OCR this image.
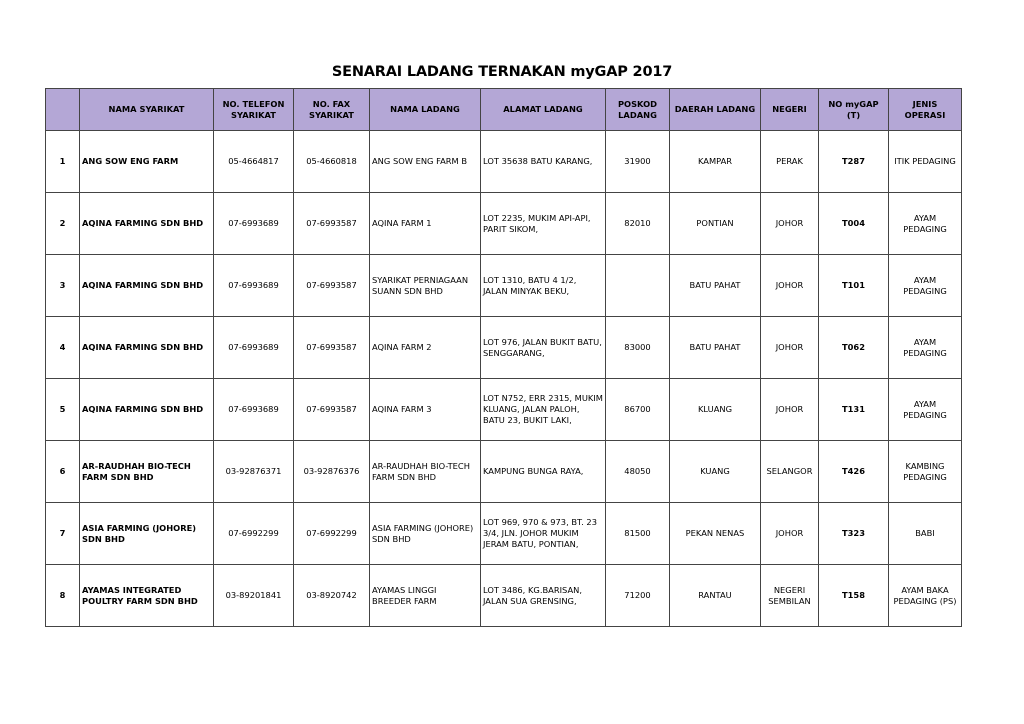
SENARAI LADANG TERNAKAN myGAP 2017
	NAMA SYARIKAT	NO. TELEFON SYARIKAT	NO. FAX SYARIKAT	NAMA LADANG	ALAMAT LADANG	POSKOD LADANG	DAERAH LADANG	NEGERI	NO myGAP (T)	JENIS OPERASI
1	ANG SOW ENG FARM	05-4664817	05-4660818	ANG SOW ENG FARM B	LOT 35638 BATU KARANG,	31900	KAMPAR	PERAK	T287	ITIK PEDAGING
2	AQINA FARMING SDN BHD	07-6993689	07-6993587	AQINA FARM 1	LOT 2235, MUKIM API-API, PARIT SIKOM,	82010	PONTIAN	JOHOR	T004	AYAM PEDAGING
3	AQINA FARMING SDN BHD	07-6993689	07-6993587	SYARIKAT PERNIAGAAN SUANN SDN BHD	LOT 1310, BATU 4 1/2, JALAN MINYAK BEKU,		BATU PAHAT	JOHOR	T101	AYAM PEDAGING
4	AQINA FARMING SDN BHD	07-6993689	07-6993587	AQINA FARM 2	LOT 976, JALAN BUKIT BATU, SENGGARANG,	83000	BATU PAHAT	JOHOR	T062	AYAM PEDAGING
5	AQINA FARMING SDN BHD	07-6993689	07-6993587	AQINA FARM 3	LOT N752, ERR 2315, MUKIM KLUANG, JALAN PALOH, BATU 23, BUKIT LAKI,	86700	KLUANG	JOHOR	T131	AYAM PEDAGING
6	AR-RAUDHAH BIO-TECH FARM SDN BHD	03-92876371	03-92876376	AR-RAUDHAH BIO-TECH FARM SDN BHD	KAMPUNG BUNGA RAYA,	48050	KUANG	SELANGOR	T426	KAMBING PEDAGING
7	ASIA FARMING (JOHORE) SDN BHD	07-6992299	07-6992299	ASIA FARMING (JOHORE) SDN BHD	LOT 969, 970 & 973, BT. 23 3/4, JLN. JOHOR MUKIM JERAM BATU, PONTIAN,	81500	PEKAN NENAS	JOHOR	T323	BABI
8	AYAMAS INTEGRATED POULTRY FARM SDN BHD	03-89201841	03-8920742	AYAMAS LINGGI BREEDER FARM	LOT 3486, KG.BARISAN, JALAN SUA GRENSING,	71200	RANTAU	NEGERI SEMBILAN	T158	AYAM BAKA PEDAGING (PS)
